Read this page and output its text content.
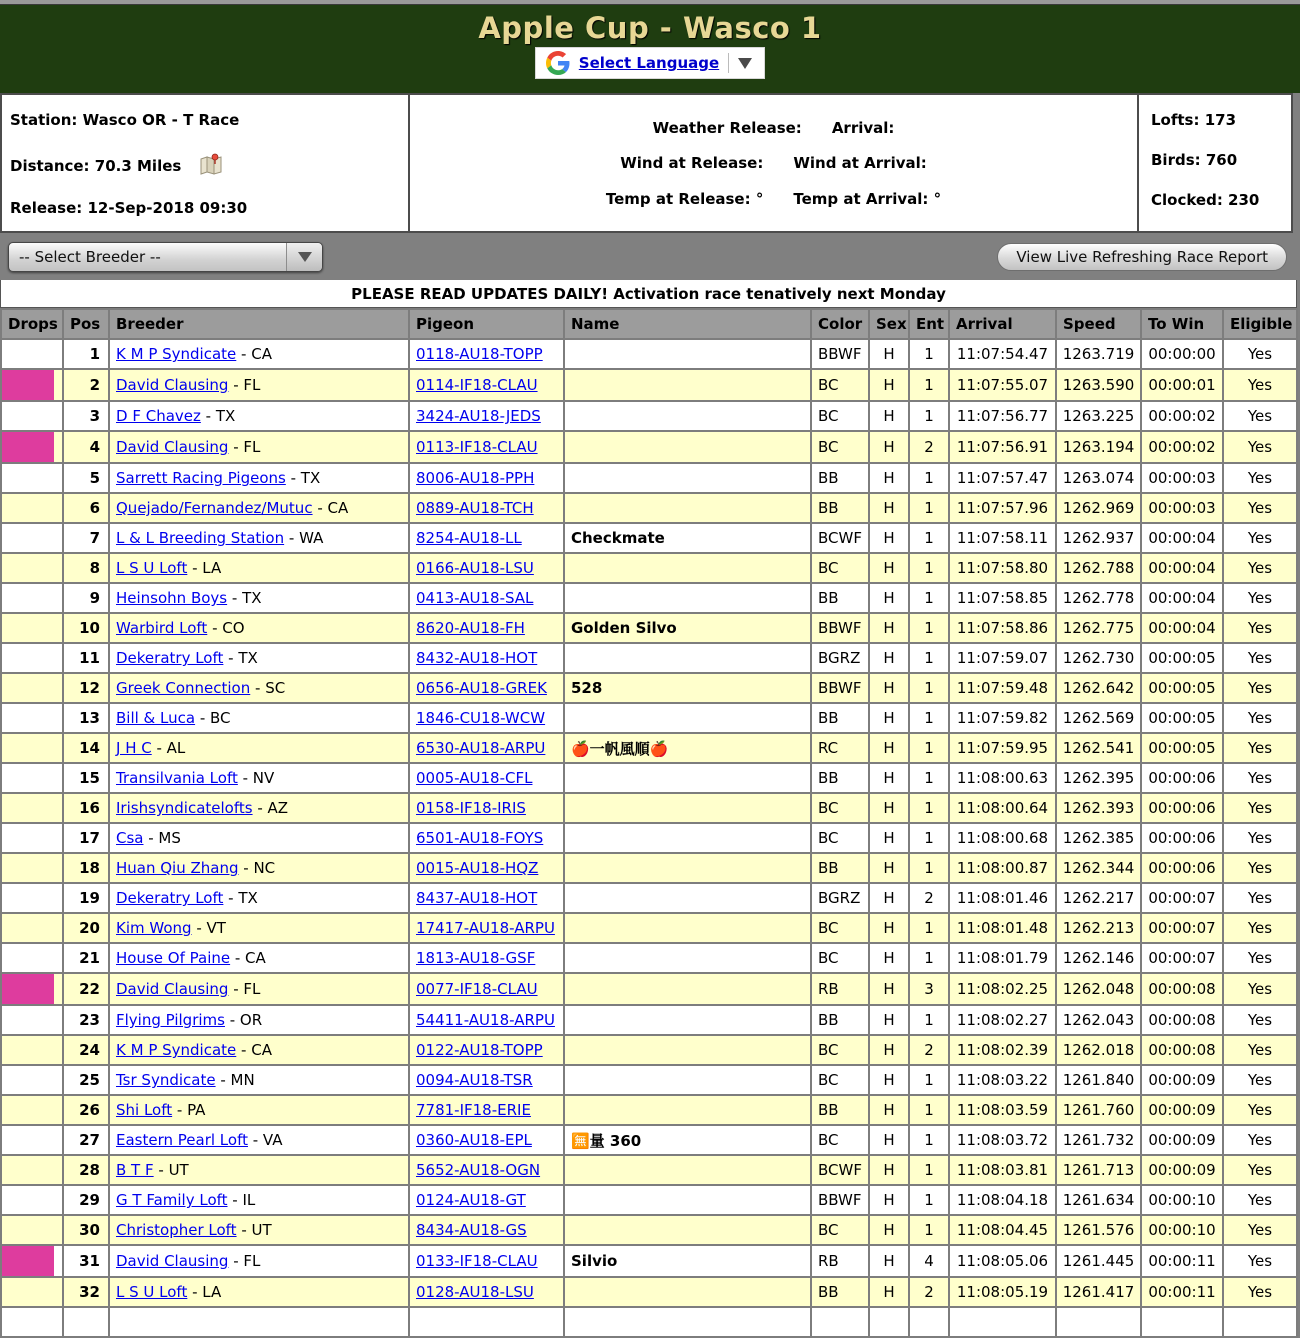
Apple Cup - Wasco 1
Select Language
Station: Wasco OR - T Race
Distance: 70.3 Miles
Release: 12-Sep-2018 09:30
Weather Release: Arrival:
Wind at Release: Wind at Arrival:
Temp at Release: ° Temp at Arrival: °
Lofts: 173
Birds: 760
Clocked: 230
-- Select Breeder --	View Live Refreshing Race Report
PLEASE READ UPDATES DAILY! Activation race tenatively next Monday
Drops	Pos	Breeder	Pigeon	Name	Color	Sex	Ent	Arrival	Speed	To Win	Eligible
	1	K M P Syndicate - CA	0118-AU18-TOPP		BBWF	H	1	11:07:54.47	1263.719	00:00:00	Yes

	2	David Clausing - FL	0114-IF18-CLAU		BC	H	1	11:07:55.07	1263.590	00:00:01	Yes
	3	D F Chavez - TX	3424-AU18-JEDS		BC	H	1	11:07:56.77	1263.225	00:00:02	Yes

	4	David Clausing - FL	0113-IF18-CLAU		BC	H	2	11:07:56.91	1263.194	00:00:02	Yes
	5	Sarrett Racing Pigeons - TX	8006-AU18-PPH		BB	H	1	11:07:57.47	1263.074	00:00:03	Yes
	6	Quejado/Fernandez/Mutuc - CA	0889-AU18-TCH		BB	H	1	11:07:57.96	1262.969	00:00:03	Yes
	7	L & L Breeding Station - WA	8254-AU18-LL	Checkmate	BCWF	H	1	11:07:58.11	1262.937	00:00:04	Yes
	8	L S U Loft - LA	0166-AU18-LSU		BC	H	1	11:07:58.80	1262.788	00:00:04	Yes
	9	Heinsohn Boys - TX	0413-AU18-SAL		BB	H	1	11:07:58.85	1262.778	00:00:04	Yes
	10	Warbird Loft - CO	8620-AU18-FH	Golden Silvo	BBWF	H	1	11:07:58.86	1262.775	00:00:04	Yes
	11	Dekeratry Loft - TX	8432-AU18-HOT		BGRZ	H	1	11:07:59.07	1262.730	00:00:05	Yes
	12	Greek Connection - SC	0656-AU18-GREK	528	BBWF	H	1	11:07:59.48	1262.642	00:00:05	Yes
	13	Bill & Luca - BC	1846-CU18-WCW		BB	H	1	11:07:59.82	1262.569	00:00:05	Yes
	14	J H C - AL	6530-AU18-ARPU	🍎一帆風順🍎	RC	H	1	11:07:59.95	1262.541	00:00:05	Yes
	15	Transilvania Loft - NV	0005-AU18-CFL		BB	H	1	11:08:00.63	1262.395	00:00:06	Yes
	16	Irishsyndicatelofts - AZ	0158-IF18-IRIS		BC	H	1	11:08:00.64	1262.393	00:00:06	Yes
	17	Csa - MS	6501-AU18-FOYS		BC	H	1	11:08:00.68	1262.385	00:00:06	Yes
	18	Huan Qiu Zhang - NC	0015-AU18-HQZ		BB	H	1	11:08:00.87	1262.344	00:00:06	Yes
	19	Dekeratry Loft - TX	8437-AU18-HOT		BGRZ	H	2	11:08:01.46	1262.217	00:00:07	Yes
	20	Kim Wong - VT	17417-AU18-ARPU		BC	H	1	11:08:01.48	1262.213	00:00:07	Yes
	21	House Of Paine - CA	1813-AU18-GSF		BC	H	1	11:08:01.79	1262.146	00:00:07	Yes

	22	David Clausing - FL	0077-IF18-CLAU		RB	H	3	11:08:02.25	1262.048	00:00:08	Yes
	23	Flying Pilgrims - OR	54411-AU18-ARPU		BB	H	1	11:08:02.27	1262.043	00:00:08	Yes
	24	K M P Syndicate - CA	0122-AU18-TOPP		BC	H	2	11:08:02.39	1262.018	00:00:08	Yes
	25	Tsr Syndicate - MN	0094-AU18-TSR		BC	H	1	11:08:03.22	1261.840	00:00:09	Yes
	26	Shi Loft - PA	7781-IF18-ERIE		BB	H	1	11:08:03.59	1261.760	00:00:09	Yes
	27	Eastern Pearl Loft - VA	0360-AU18-EPL	🈚量 360	BC	H	1	11:08:03.72	1261.732	00:00:09	Yes
	28	B T F - UT	5652-AU18-OGN		BCWF	H	1	11:08:03.81	1261.713	00:00:09	Yes
	29	G T Family Loft - IL	0124-AU18-GT		BBWF	H	1	11:08:04.18	1261.634	00:00:10	Yes
	30	Christopher Loft - UT	8434-AU18-GS		BC	H	1	11:08:04.45	1261.576	00:00:10	Yes

	31	David Clausing - FL	0133-IF18-CLAU	Silvio	RB	H	4	11:08:05.06	1261.445	00:00:11	Yes
	32	L S U Loft - LA	0128-AU18-LSU		BB	H	2	11:08:05.19	1261.417	00:00:11	Yes
